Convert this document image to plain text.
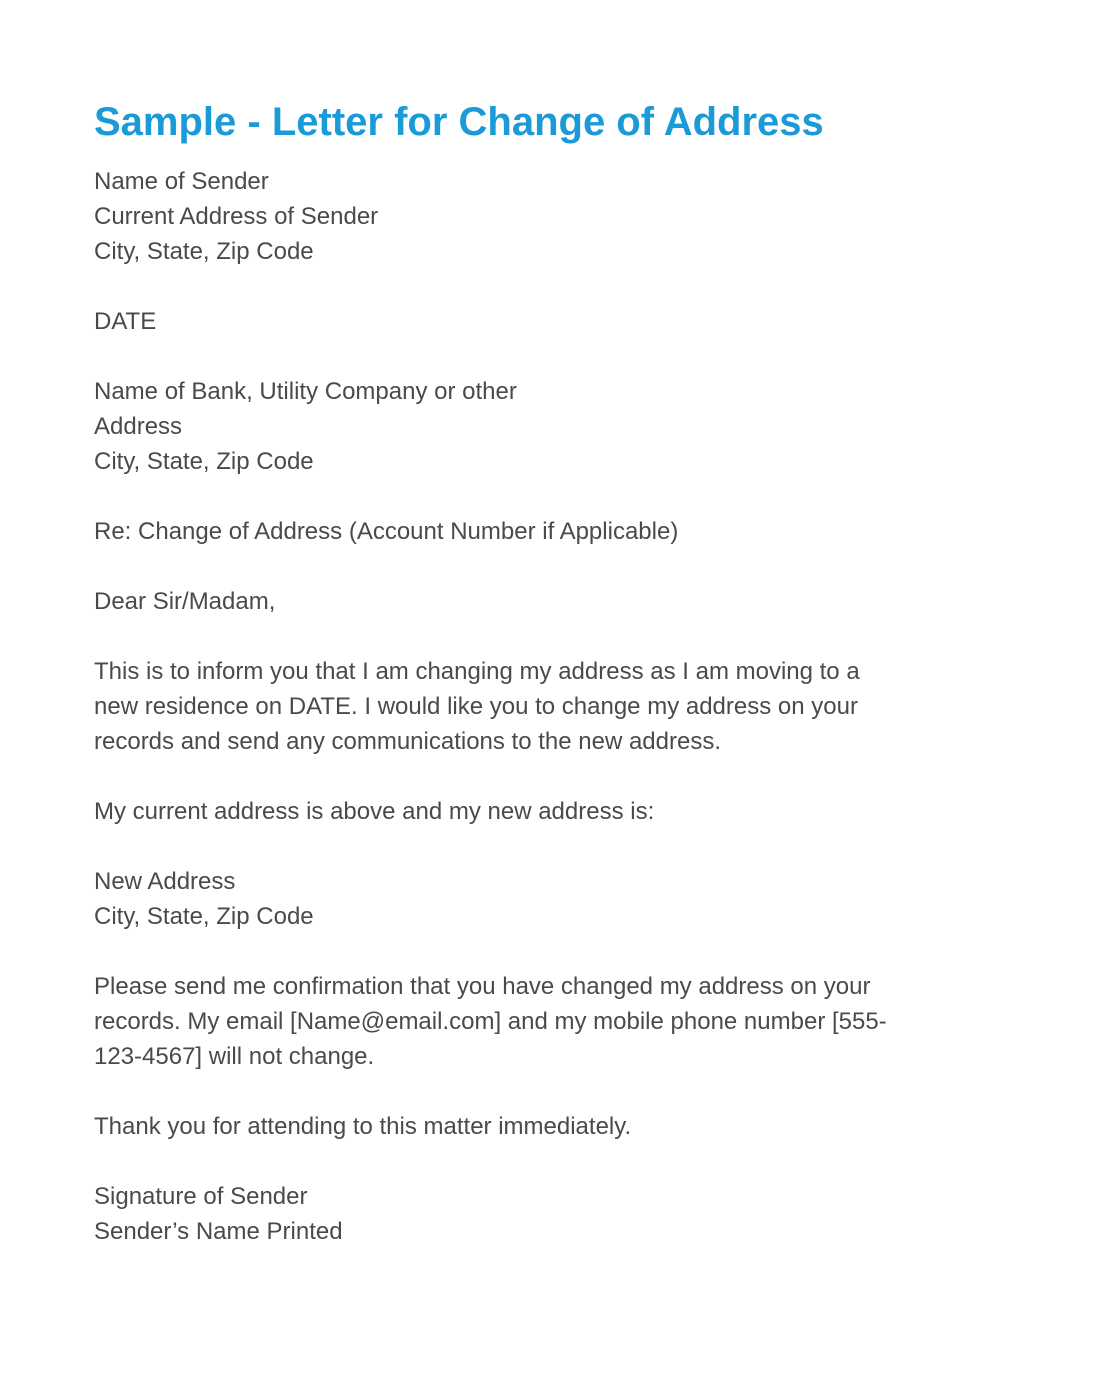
Sample - Letter for Change of Address
Name of Sender
Current Address of Sender
City, State, Zip Code
DATE
Name of Bank, Utility Company or other
Address
City, State, Zip Code
Re: Change of Address (Account Number if Applicable)
Dear Sir/Madam,
This is to inform you that I am changing my address as I am moving to a
new residence on DATE. I would like you to change my address on your
records and send any communications to the new address.
My current address is above and my new address is:
New Address
City, State, Zip Code
Please send me confirmation that you have changed my address on your
records. My email [Name@email.com] and my mobile phone number [555-
123-4567] will not change.
Thank you for attending to this matter immediately.
Signature of Sender
Sender’s Name Printed
